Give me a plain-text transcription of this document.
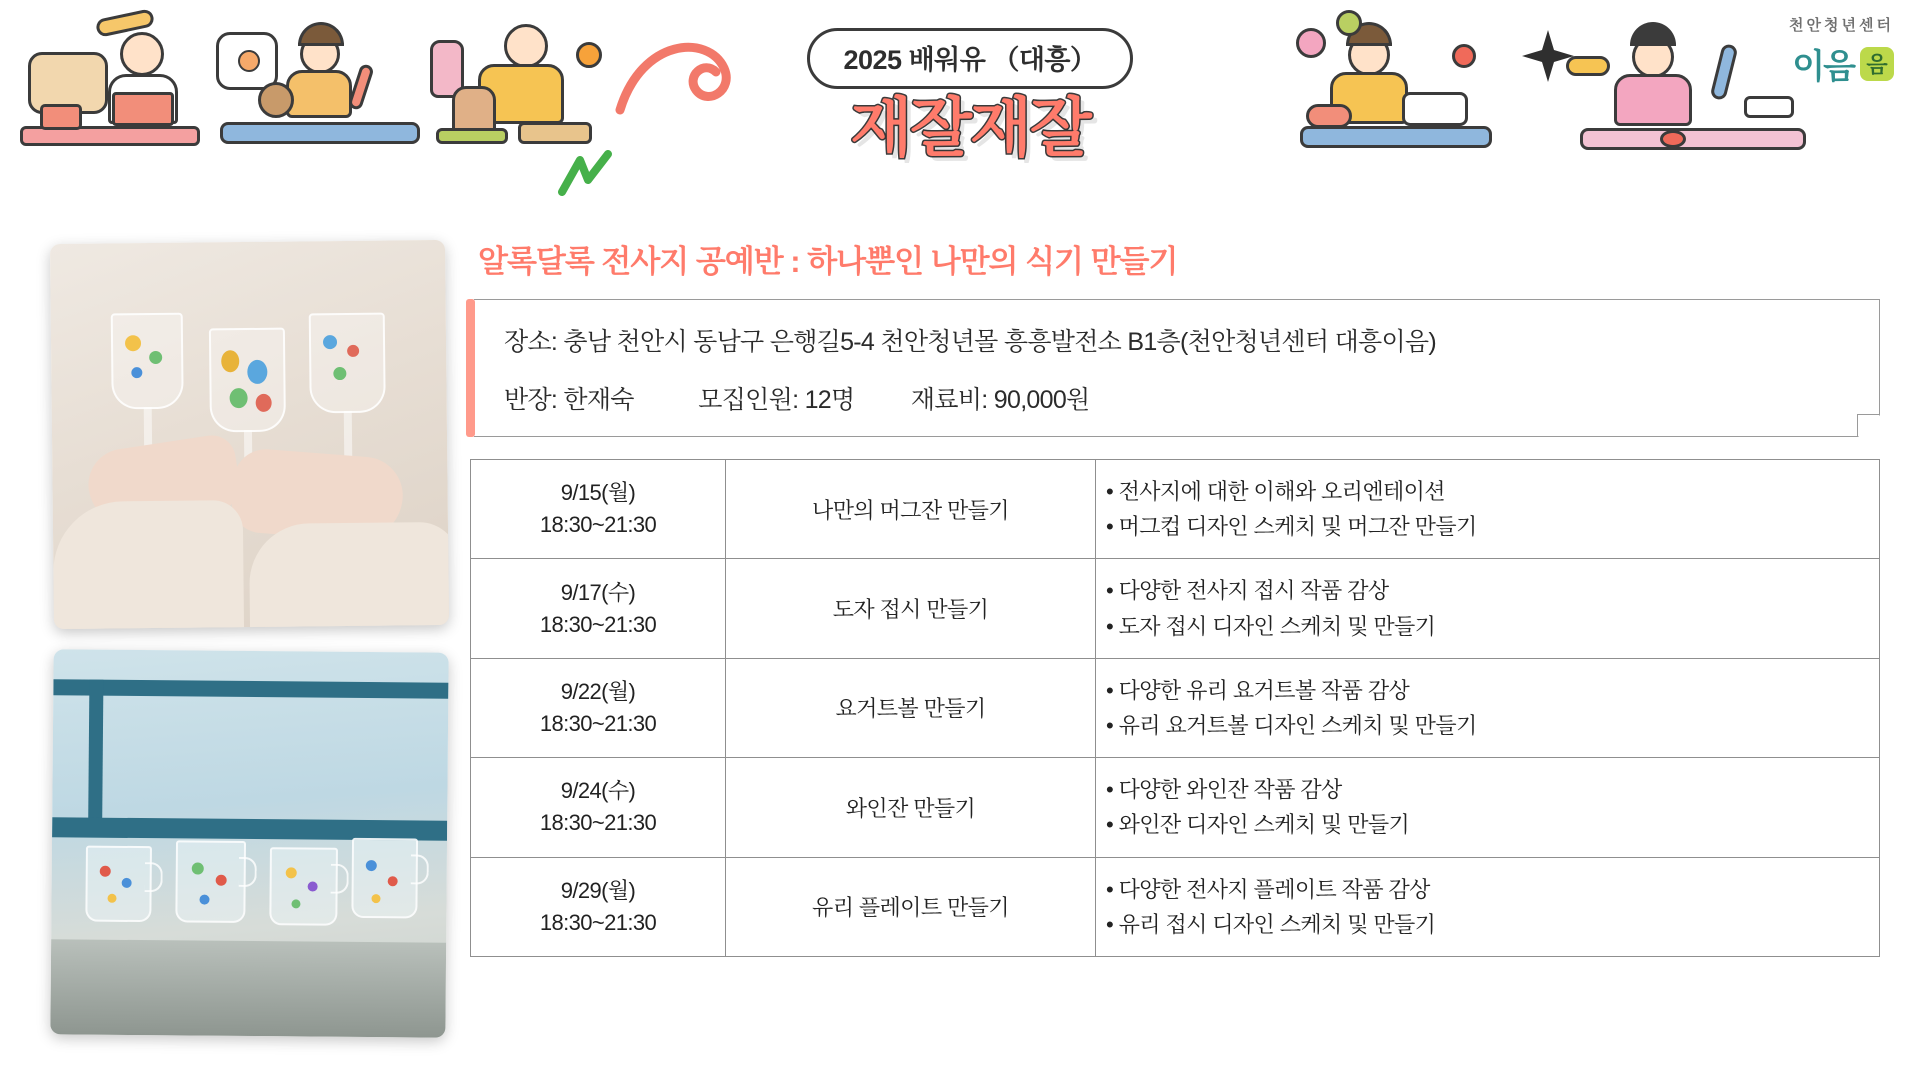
2025 배워유 （대흥）
재잘재잘
천안청년센터
이음 음
알록달록 전사지 공예반 : 하나뿐인 나만의 식기 만들기
장소: 충남 천안시 동남구 은행길5-4 천안청년몰 흥흥발전소 B1층(천안청년센터 대흥이음)
반장: 한재숙	모집인원: 12명 재료비: 90,000원
9/15(월)
18:30~21:30
	나만의 머그잔 만들기	
• 전사지에 대한 이해와 오리엔테이션
• 머그컵 디자인 스케치 및 머그잔 만들기

9/17(수)
18:30~21:30
	도자 접시 만들기	
• 다양한 전사지 접시 작품 감상
• 도자 접시 디자인 스케치 및 만들기

9/22(월)
18:30~21:30
	요거트볼 만들기	
• 다양한 유리 요거트볼 작품 감상
• 유리 요거트볼 디자인 스케치 및 만들기

9/24(수)
18:30~21:30
	와인잔 만들기	
• 다양한 와인잔 작품 감상
• 와인잔 디자인 스케치 및 만들기

9/29(월)
18:30~21:30
	유리 플레이트 만들기	
• 다양한 전사지 플레이트 작품 감상
• 유리 접시 디자인 스케치 및 만들기
